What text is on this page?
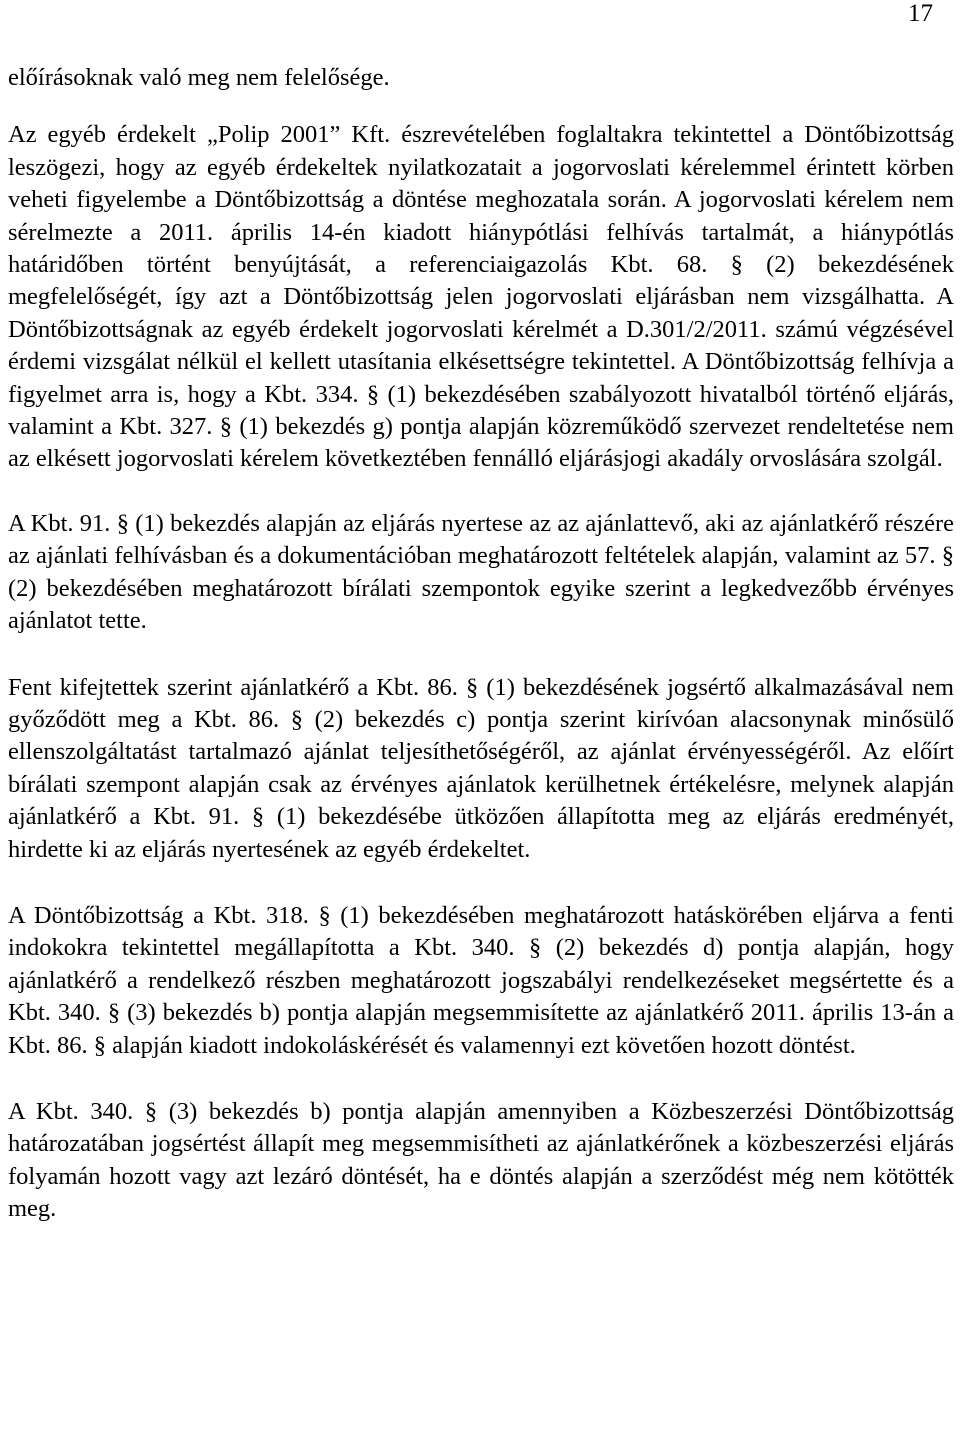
17

előírásoknak való meg nem felelősége.

Az egyéb érdekelt „Polip 2001” Kft. észrevételében foglaltakra tekintettel a Döntőbizottság leszögezi, hogy az egyéb érdekeltek nyilatkozatait a jogorvoslati kérelemmel érintett körben veheti figyelembe a Döntőbizottság a döntése meghozatala során. A jogorvoslati kérelem nem sérelmezte a 2011. április 14-én kiadott hiánypótlási felhívás tartalmát, a hiánypótlás határidőben történt benyújtását, a referenciaigazolás Kbt. 68. § (2) bekezdésének megfelelőségét, így azt a Döntőbizottság jelen jogorvoslati eljárásban nem vizsgálhatta. A Döntőbizottságnak az egyéb érdekelt jogorvoslati kérelmét a D.301/2/2011. számú végzésével érdemi vizsgálat nélkül el kellett utasítania elkésettségre tekintettel. A Döntőbizottság felhívja a figyelmet arra is, hogy a Kbt. 334. § (1) bekezdésében szabályozott hivatalból történő eljárás, valamint a Kbt. 327. § (1) bekezdés g) pontja alapján közreműködő szervezet rendeltetése nem az elkésett jogorvoslati kérelem következtében fennálló eljárásjogi akadály orvoslására szolgál.

A Kbt. 91. § (1) bekezdés alapján az eljárás nyertese az az ajánlattevő, aki az ajánlatkérő részére az ajánlati felhívásban és a dokumentációban meghatározott feltételek alapján, valamint az 57. § (2) bekezdésében meghatározott bírálati szempontok egyike szerint a legkedvezőbb érvényes ajánlatot tette.

Fent kifejtettek szerint ajánlatkérő a Kbt. 86. § (1) bekezdésének jogsértő alkalmazásával nem győződött meg a Kbt. 86. § (2) bekezdés c) pontja szerint kirívóan alacsonynak minősülő ellenszolgáltatást tartalmazó ajánlat teljesíthetőségéről, az ajánlat érvényességéről. Az előírt bírálati szempont alapján csak az érvényes ajánlatok kerülhetnek értékelésre, melynek alapján ajánlatkérő a Kbt. 91. § (1) bekezdésébe ütközően állapította meg az eljárás eredményét, hirdette ki az eljárás nyertesének az egyéb érdekeltet.

A Döntőbizottság a Kbt. 318. § (1) bekezdésében meghatározott hatáskörében eljárva a fenti indokokra tekintettel megállapította a Kbt. 340. § (2) bekezdés d) pontja alapján, hogy ajánlatkérő a rendelkező részben meghatározott jogszabályi rendelkezéseket megsértette és a Kbt. 340. § (3) bekezdés b) pontja alapján megsemmisítette az ajánlatkérő 2011. április 13-án a Kbt. 86. § alapján kiadott indokoláskérését és valamennyi ezt követően hozott döntést.

A Kbt. 340. § (3) bekezdés b) pontja alapján amennyiben a Közbeszerzési Döntőbizottság határozatában jogsértést állapít meg megsemmisítheti az ajánlatkérőnek a közbeszerzési eljárás folyamán hozott vagy azt lezáró döntését, ha e döntés alapján a szerződést még nem kötötték meg.
